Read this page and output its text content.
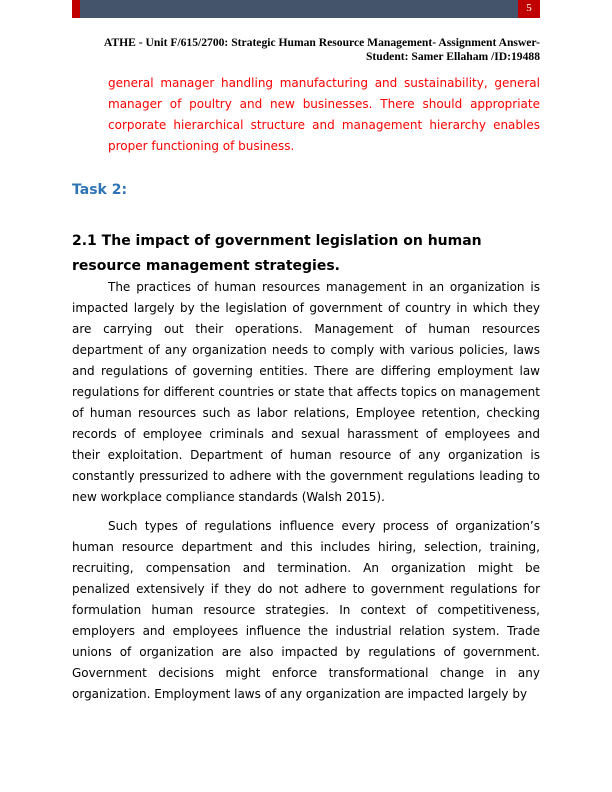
5
ATHE - Unit F/615/2700: Strategic Human Resource Management- Assignment Answer-
Student: Samer Ellaham /ID:19488

general manager handling manufacturing and sustainability, general manager of poultry and new businesses. There should appropriate corporate hierarchical structure and management hierarchy enables proper functioning of business.

Task 2:
2.1 The impact of government legislation on human resource management strategies.

The practices of human resources management in an organization is impacted largely by the legislation of government of country in which they are carrying out their operations. Management of human resources department of any organization needs to comply with various policies, laws and regulations of governing entities. There are differing employment law regulations for different countries or state that affects topics on management of human resources such as labor relations, Employee retention, checking records of employee criminals and sexual harassment of employees and their exploitation. Department of human resource of any organization is constantly pressurized to adhere with the government regulations leading to new workplace compliance standards (Walsh 2015).

Such types of regulations influence every process of organization’s human resource department and this includes hiring, selection, training, recruiting, compensation and termination. An organization might be penalized extensively if they do not adhere to government regulations for formulation human resource strategies. In context of competitiveness, employers and employees influence the industrial relation system. Trade unions of organization are also impacted by regulations of government. Government decisions might enforce transformational change in any organization. Employment laws of any organization are impacted largely by
